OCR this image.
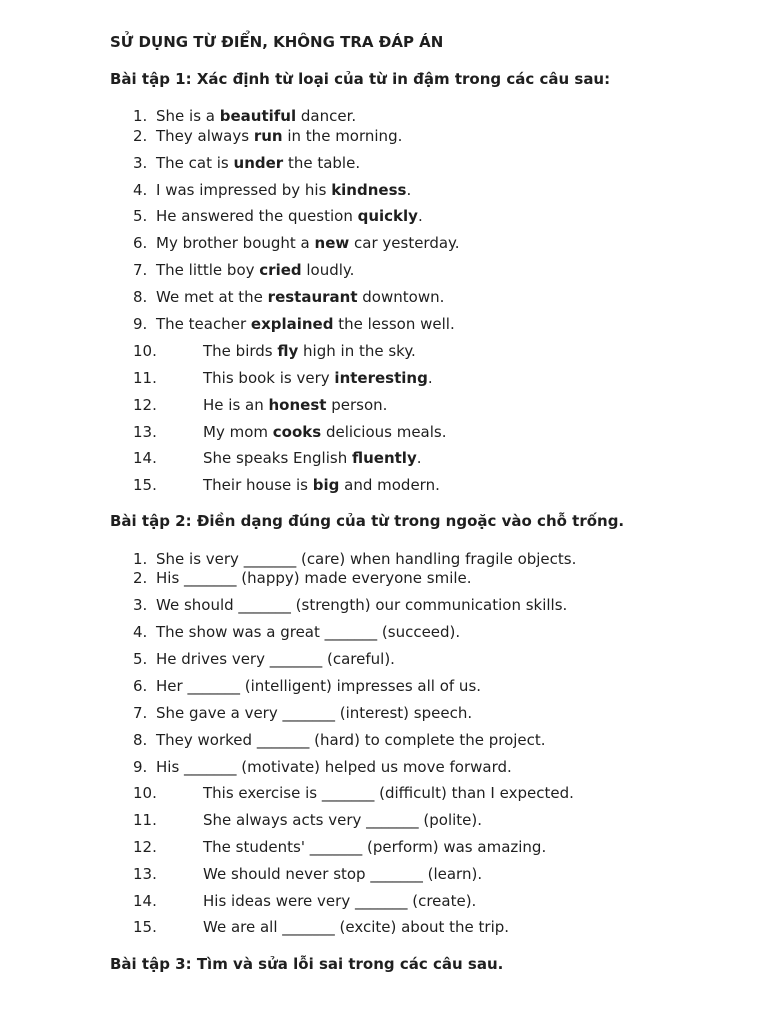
SỬ DỤNG TỪ ĐIỂN, KHÔNG TRA ĐÁP ÁN
Bài tập 1: Xác định từ loại của từ in đậm trong các câu sau:
1. She is a beautiful dancer.
2. They always run in the morning.
3. The cat is under the table.
4. I was impressed by his kindness.
5. He answered the question quickly.
6. My brother bought a new car yesterday.
7. The little boy cried loudly.
8. We met at the restaurant downtown.
9. The teacher explained the lesson well.
10.	The birds fly high in the sky.
11.	This book is very interesting.
12.	He is an honest person.
13.	My mom cooks delicious meals.
14.	She speaks English fluently.
15.	Their house is big and modern.
Bài tập 2: Điền dạng đúng của từ trong ngoặc vào chỗ trống.
1. She is very _______ (care) when handling fragile objects.
2. His _______ (happy) made everyone smile.
3. We should _______ (strength) our communication skills.
4. The show was a great _______ (succeed).
5. He drives very _______ (careful).
6. Her _______ (intelligent) impresses all of us.
7. She gave a very _______ (interest) speech.
8. They worked _______ (hard) to complete the project.
9. His _______ (motivate) helped us move forward.
10.	This exercise is _______ (difficult) than I expected.
11.	She always acts very _______ (polite).
12.	The students' _______ (perform) was amazing.
13.	We should never stop _______ (learn).
14.	His ideas were very _______ (create).
15.	We are all _______ (excite) about the trip.
Bài tập 3: Tìm và sửa lỗi sai trong các câu sau.
